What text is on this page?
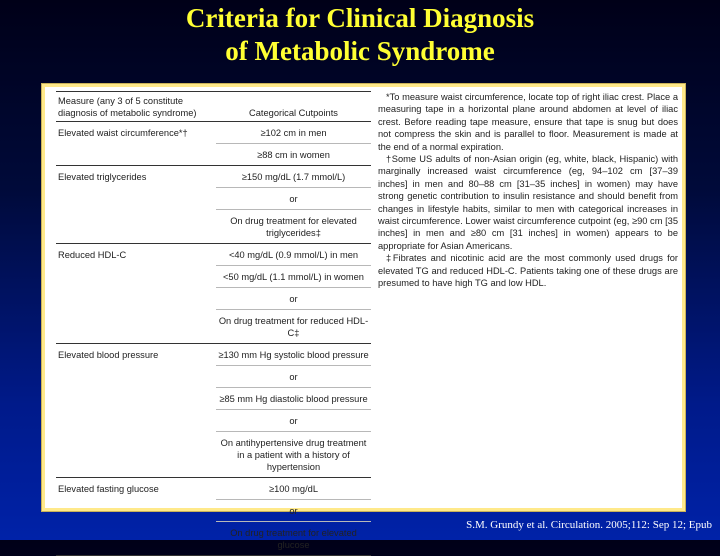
Criteria for Clinical Diagnosis
of Metabolic Syndrome
Measure (any 3 of 5 constitute
diagnosis of metabolic syndrome)	Categorical Cutpoints
Elevated waist circumference*†	≥102 cm in men
≥88 cm in women
Elevated triglycerides	≥150 mg/dL (1.7 mmol/L)
or
On drug treatment for elevated triglycerides‡
Reduced HDL-C	<40 mg/dL (0.9 mmol/L) in men
<50 mg/dL (1.1 mmol/L) in women
or
On drug treatment for reduced HDL-C‡
Elevated blood pressure	≥130 mm Hg systolic blood pressure
or
≥85 mm Hg diastolic blood pressure
or
On antihypertensive drug treatment in a patient with a history of hypertension
Elevated fasting glucose	≥100 mg/dL
or
On drug treatment for elevated glucose

*To measure waist circumference, locate top of right iliac crest. Place a measuring tape in a horizontal plane around abdomen at level of iliac crest. Before reading tape measure, ensure that tape is snug but does not compress the skin and is parallel to floor. Measurement is made at the end of a normal expiration.

†Some US adults of non-Asian origin (eg, white, black, Hispanic) with marginally increased waist circumference (eg, 94–102 cm [37–39 inches] in men and 80–88 cm [31–35 inches] in women) may have strong genetic contribution to insulin resistance and should benefit from changes in lifestyle habits, similar to men with categorical increases in waist circumference. Lower waist circumference cutpoint (eg, ≥90 cm [35 inches] in men and ≥80 cm [31 inches] in women) appears to be appropriate for Asian Americans.

‡Fibrates and nicotinic acid are the most commonly used drugs for elevated TG and reduced HDL-C. Patients taking one of these drugs are presumed to have high TG and low HDL.

S.M. Grundy et al. Circulation. 2005;112: Sep 12; Epub
